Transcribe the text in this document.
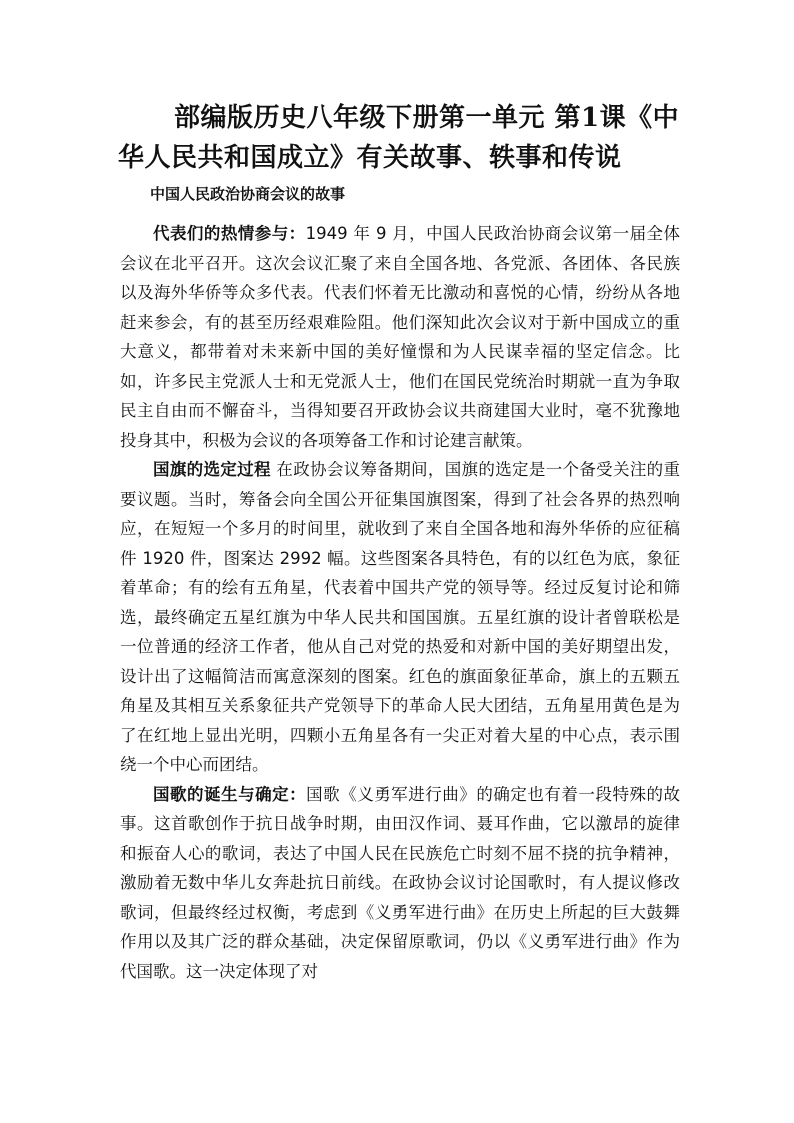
部编版历史八年级下册第一单元 第1课《中华人民共和国成立》有关故事、轶事和传说
中国人民政治协商会议的故事

代表们的热情参与：1949 年 9 月，中国人民政治协商会议第一届全体会议在北平召开。这次会议汇聚了来自全国各地、各党派、各团体、各民族以及海外华侨等众多代表。代表们怀着无比激动和喜悦的心情，纷纷从各地赶来参会，有的甚至历经艰难险阻。他们深知此次会议对于新中国成立的重大意义，都带着对未来新中国的美好憧憬和为人民谋幸福的坚定信念。比如，许多民主党派人士和无党派人士，他们在国民党统治时期就一直为争取民主自由而不懈奋斗，当得知要召开政协会议共商建国大业时，毫不犹豫地投身其中，积极为会议的各项筹备工作和讨论建言献策。

国旗的选定过程 在政协会议筹备期间，国旗的选定是一个备受关注的重要议题。当时，筹备会向全国公开征集国旗图案，得到了社会各界的热烈响应，在短短一个多月的时间里，就收到了来自全国各地和海外华侨的应征稿件 1920 件，图案达 2992 幅。这些图案各具特色，有的以红色为底，象征着革命；有的绘有五角星，代表着中国共产党的领导等。经过反复讨论和筛选，最终确定五星红旗为中华人民共和国国旗。五星红旗的设计者曾联松是一位普通的经济工作者，他从自己对党的热爱和对新中国的美好期望出发，设计出了这幅简洁而寓意深刻的图案。红色的旗面象征革命，旗上的五颗五角星及其相互关系象征共产党领导下的革命人民大团结，五角星用黄色是为了在红地上显出光明，四颗小五角星各有一尖正对着大星的中心点，表示围绕一个中心而团结。

国歌的诞生与确定：国歌《义勇军进行曲》的确定也有着一段特殊的故事。这首歌创作于抗日战争时期，由田汉作词、聂耳作曲，它以激昂的旋律和振奋人心的歌词，表达了中国人民在民族危亡时刻不屈不挠的抗争精神，激励着无数中华儿女奔赴抗日前线。在政协会议讨论国歌时，有人提议修改歌词，但最终经过权衡，考虑到《义勇军进行曲》在历史上所起的巨大鼓舞作用以及其广泛的群众基础，决定保留原歌词，仍以《义勇军进行曲》作为代国歌。这一决定体现了对
